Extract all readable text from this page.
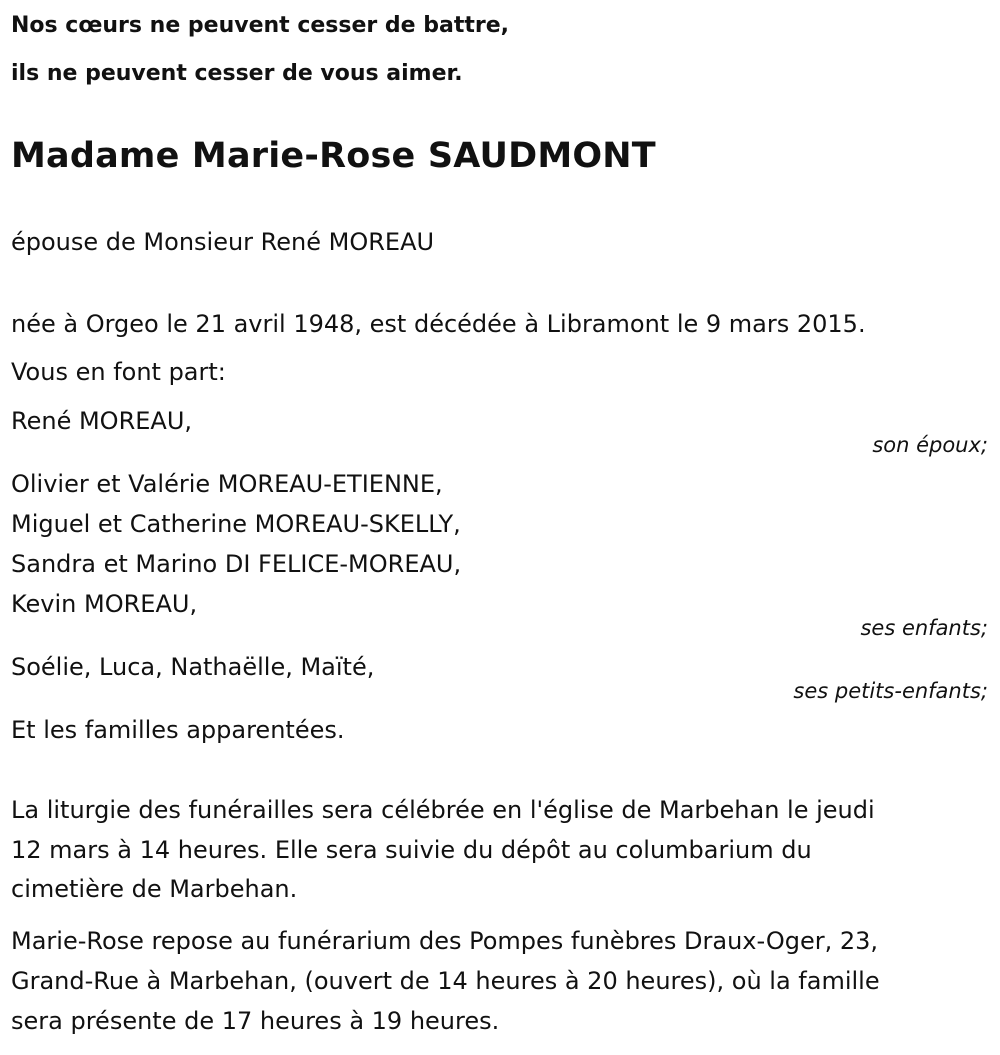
Nos cœurs ne peuvent cesser de battre,

ils ne peuvent cesser de vous aimer.

Madame Marie-Rose SAUDMONT

épouse de Monsieur René MOREAU

née à Orgeo le 21 avril 1948, est décédée à Libramont le 9 mars 2015.

Vous en font part:

René MOREAU,

son époux;

Olivier et Valérie MOREAU-ETIENNE,

Miguel et Catherine MOREAU-SKELLY,

Sandra et Marino DI FELICE-MOREAU,

Kevin MOREAU,

ses enfants;

Soélie, Luca, Nathaëlle, Maïté,

ses petits-enfants;

Et les familles apparentées.

La liturgie des funérailles sera célébrée en l'église de Marbehan le jeudi

12 mars à 14 heures. Elle sera suivie du dépôt au columbarium du

cimetière de Marbehan.

Marie-Rose repose au funérarium des Pompes funèbres Draux-Oger, 23,

Grand-Rue à Marbehan, (ouvert de 14 heures à 20 heures), où la famille

sera présente de 17 heures à 19 heures.
